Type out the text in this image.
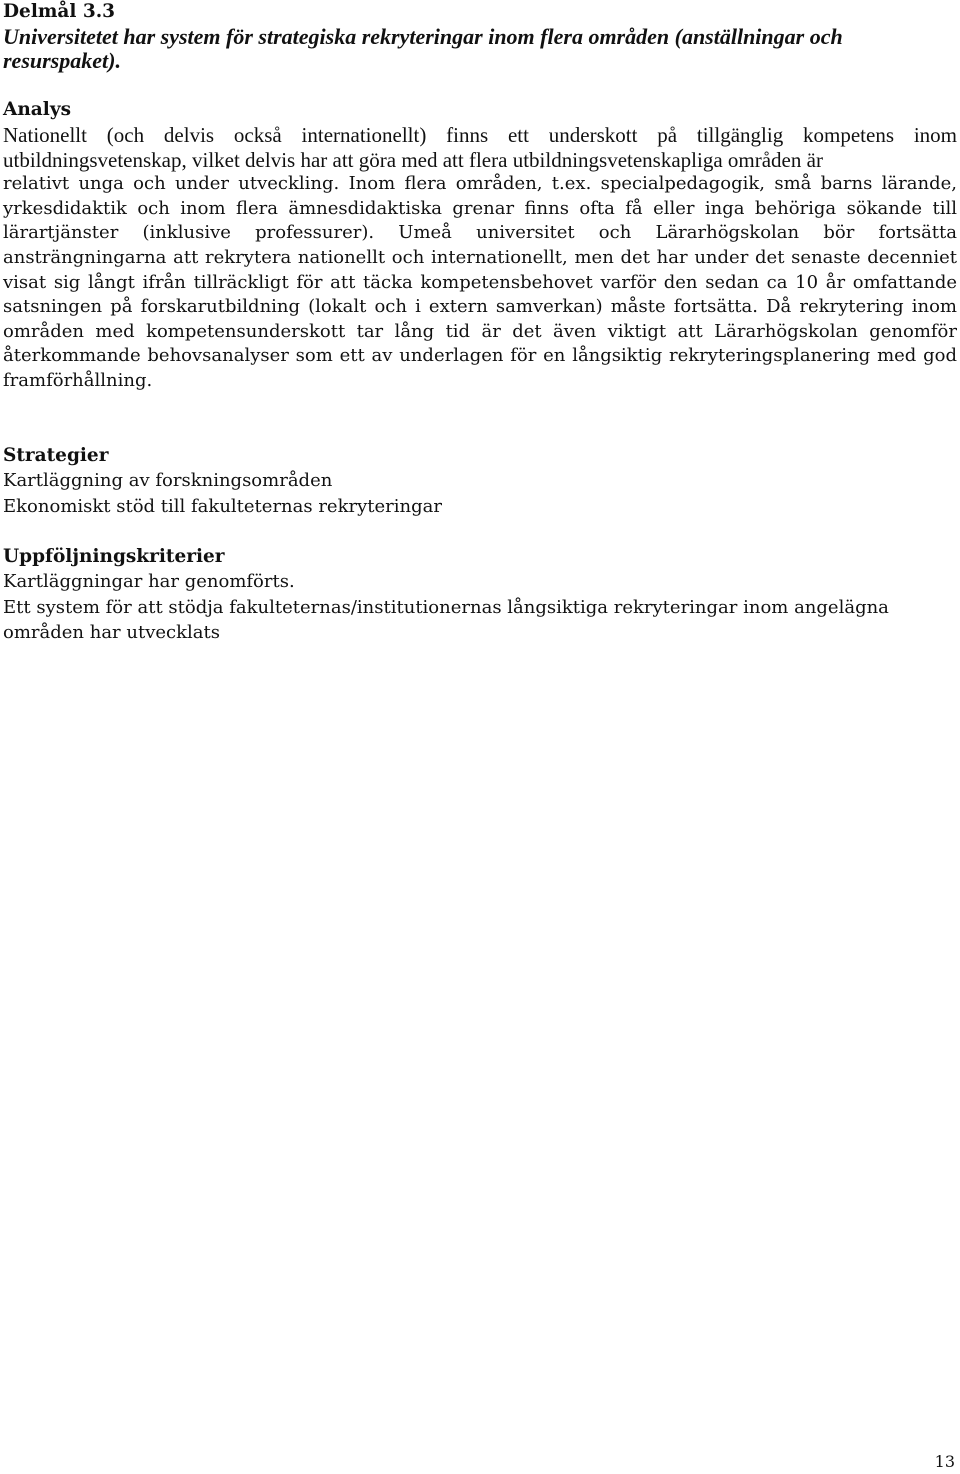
Delmål 3.3

Universitetet har system för strategiska rekryteringar inom flera områden (anställningar och resurspaket).

Analys

Nationellt (och delvis också internationellt) finns ett underskott på tillgänglig kompetens inom utbildningsvetenskap, vilket delvis har att göra med att flera utbildningsvetenskapliga områden är

relativt unga och under utveckling. Inom flera områden, t.ex. specialpedagogik, små barns lärande, yrkesdidaktik och inom flera ämnesdidaktiska grenar finns ofta få eller inga behöriga sökande till lärartjänster (inklusive professurer). Umeå universitet och Lärarhögskolan bör fortsätta ansträngningarna att rekrytera nationellt och internationellt, men det har under det senaste decenniet visat sig långt ifrån tillräckligt för att täcka kompetensbehovet varför den sedan ca 10 år omfattande satsningen på forskarutbildning (lokalt och i extern samverkan) måste fortsätta. Då rekrytering inom områden med kompetensunderskott tar lång tid är det även viktigt att Lärarhögskolan genomför återkommande behovsanalyser som ett av underlagen för en långsiktig rekryteringsplanering med god framförhållning.

Strategier

Kartläggning av forskningsområden

Ekonomiskt stöd till fakulteternas rekryteringar

Uppföljningskriterier

Kartläggningar har genomförts.

Ett system för att stödja fakulteternas/institutionernas långsiktiga rekryteringar inom angelägna områden har utvecklats

13
